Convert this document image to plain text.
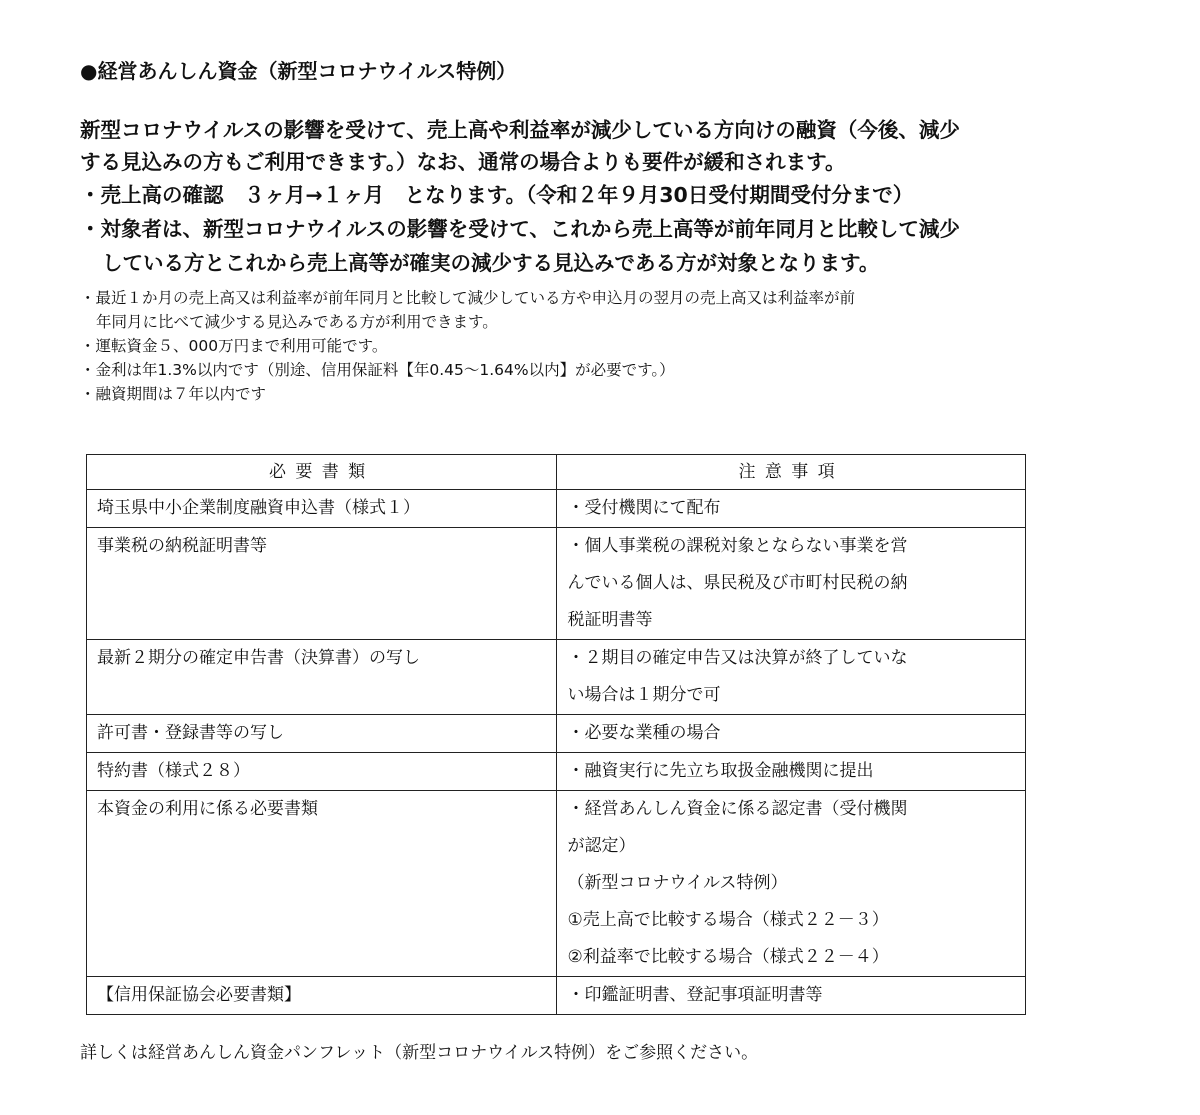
●経営あんしん資金（新型コロナウイルス特例）

新型コロナウイルスの影響を受けて、売上高や利益率が減少している方向けの融資（今後、減少

する見込みの方もご利用できます。）なお、通常の場合よりも要件が緩和されます。

・売上高の確認　３ヶ月→１ヶ月　となります。（令和２年９月30日受付期間受付分まで）
・対象者は、新型コロナウイルスの影響を受けて、これから売上高等が前年同月と比較して減少
している方とこれから売上高等が確実の減少する見込みである方が対象となります。
・最近１か月の売上高又は利益率が前年同月と比較して減少している方や申込月の翌月の売上高又は利益率が前
年同月に比べて減少する見込みである方が利用できます。
・運転資金５、000万円まで利用可能です。
・金利は年1.3%以内です（別途、信用保証料【年0.45～1.64%以内】が必要です。）
・融資期間は７年以内です
必要書類	注意事項
埼玉県中小企業制度融資申込書（様式１）	・受付機関にて配布

事業税の納税証明書等	・個人事業税の課税対象とならない事業を営
んでいる個人は、県民税及び市町村民税の納
税証明書等

最新２期分の確定申告書（決算書）の写し	・２期目の確定申告又は決算が終了していな
い場合は１期分で可

許可書・登録書等の写し	・必要な業種の場合

特約書（様式２８）	・融資実行に先立ち取扱金融機関に提出

本資金の利用に係る必要書類	・経営あんしん資金に係る認定書（受付機関
が認定）
（新型コロナウイルス特例）
①売上高で比較する場合（様式２２－３）
②利益率で比較する場合（様式２２－４）

【信用保証協会必要書類】	・印鑑証明書、登記事項証明書等
詳しくは経営あんしん資金パンフレット（新型コロナウイルス特例）をご参照ください。
